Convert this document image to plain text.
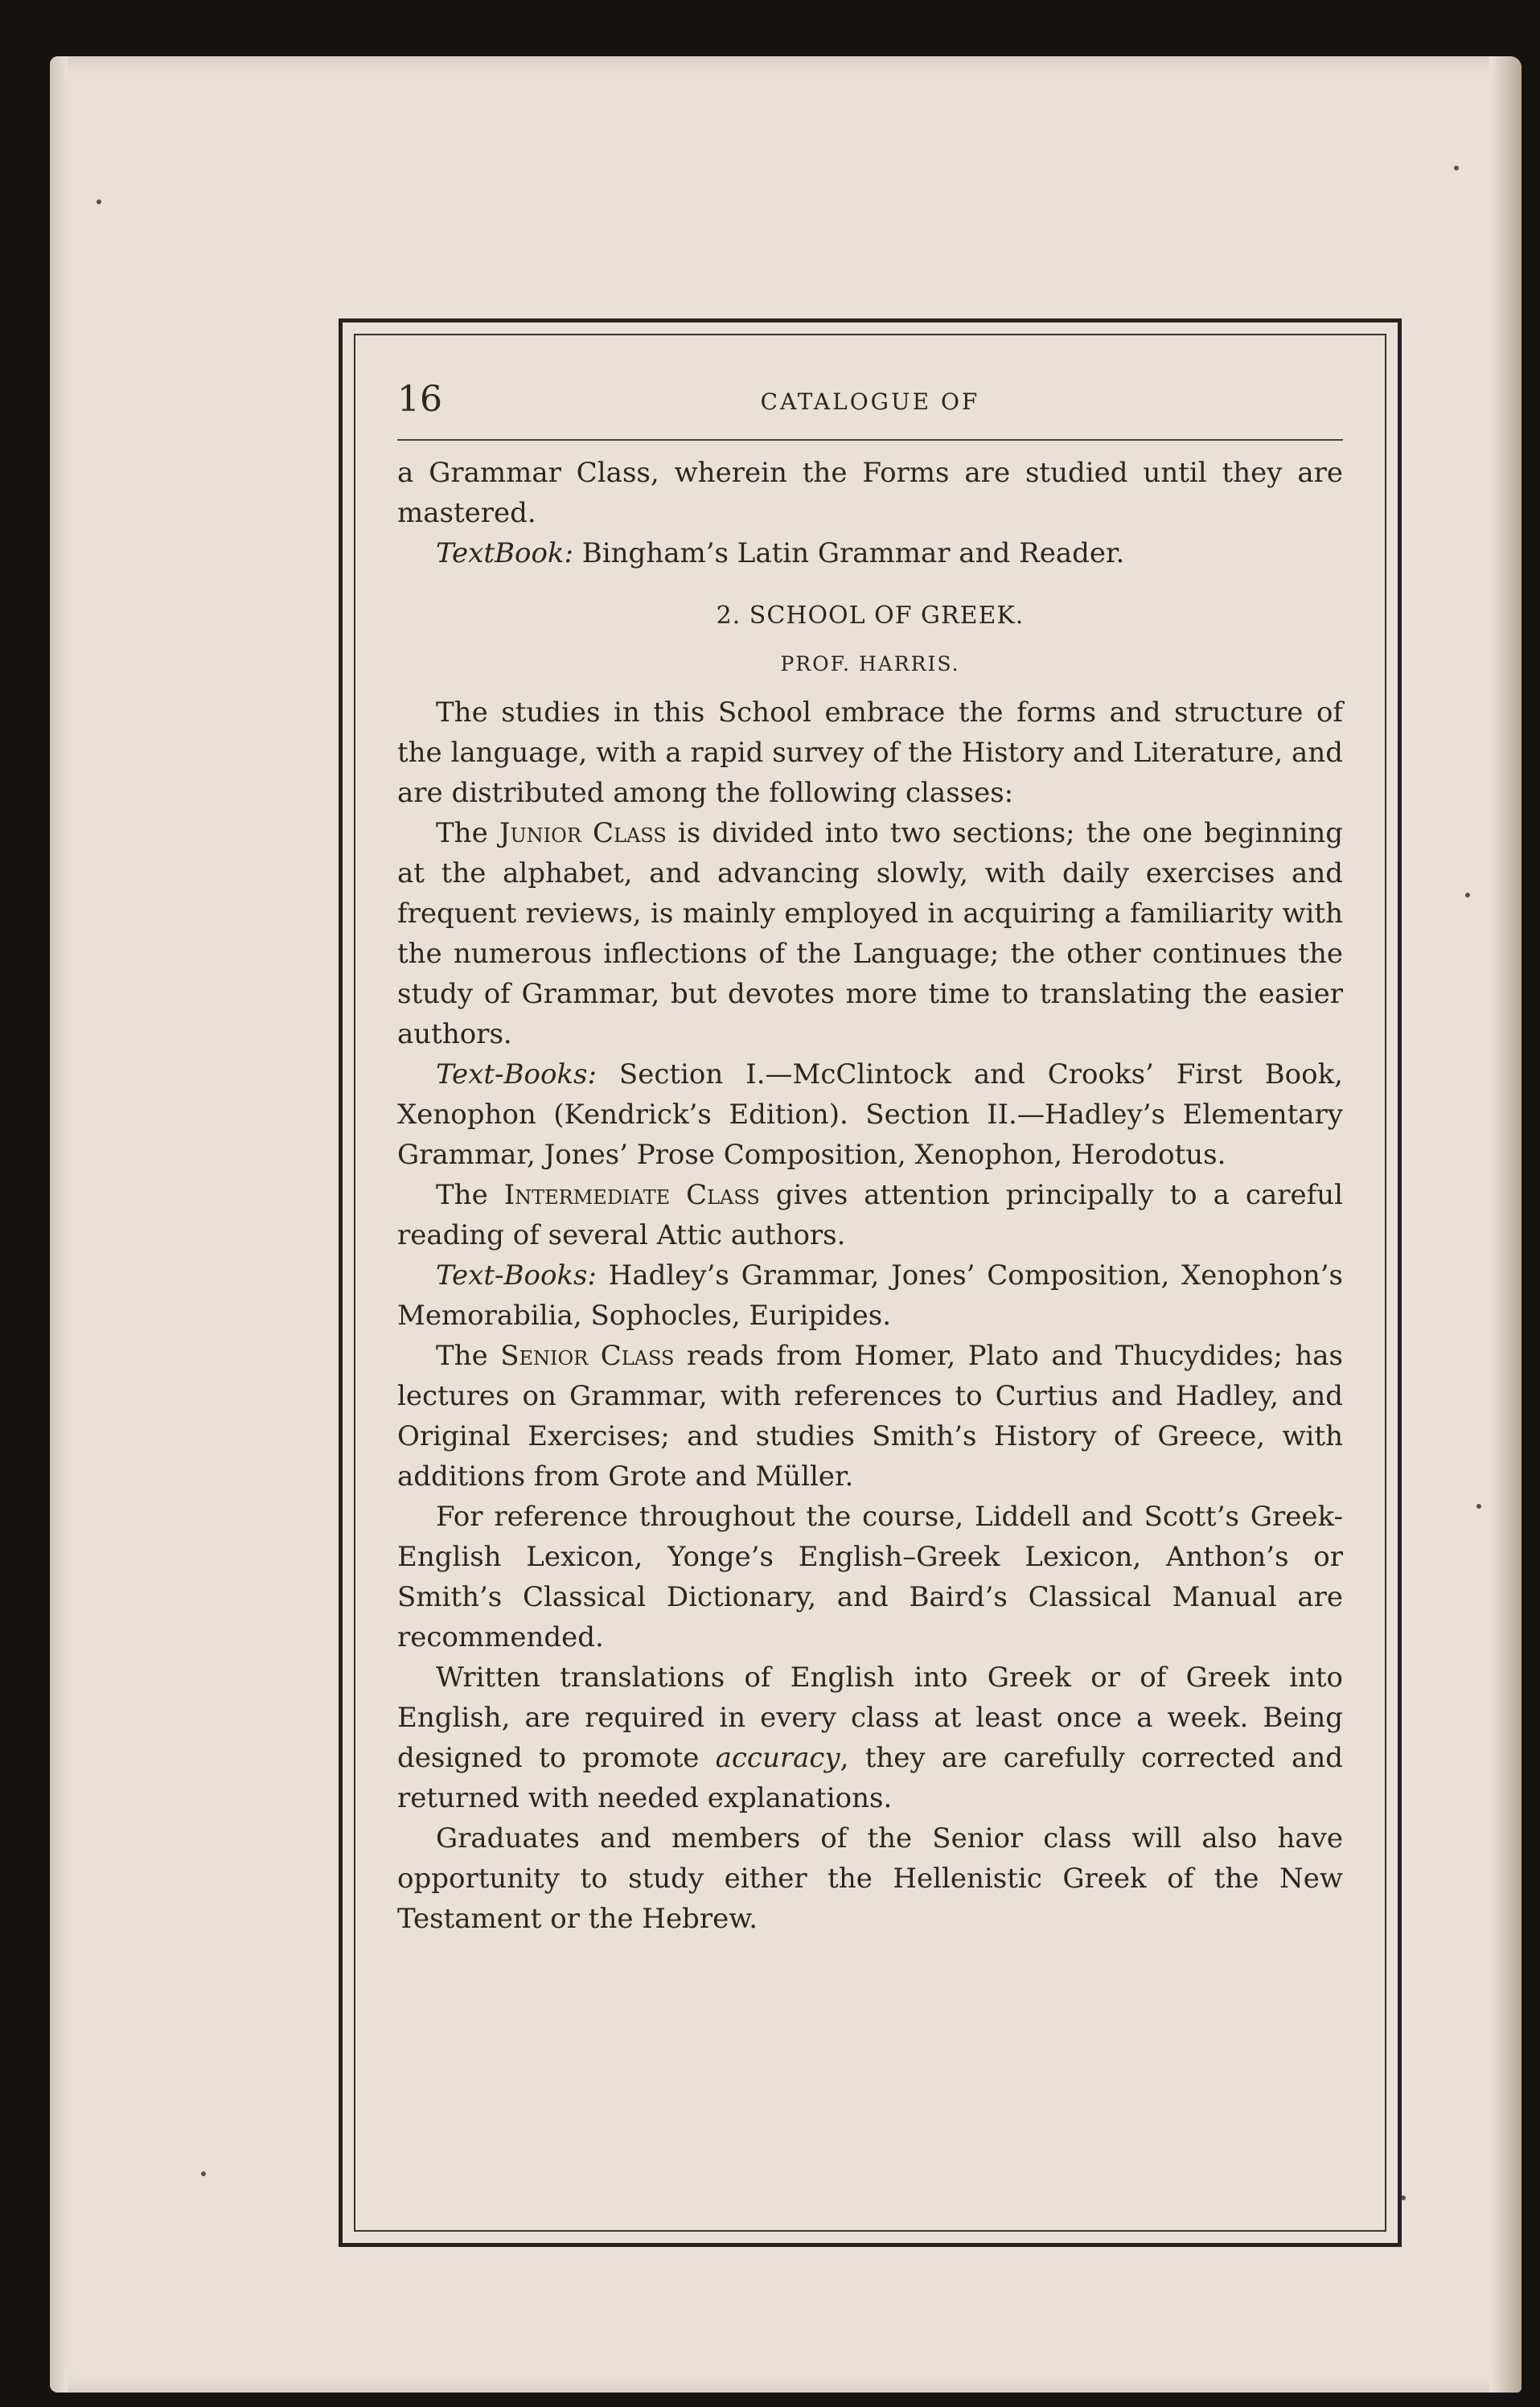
16	CATALOGUE OF

a Grammar Class, wherein the Forms are studied until they are mastered.

TextBook: Bingham’s Latin Grammar and Reader.

2. SCHOOL OF GREEK.
PROF. HARRIS.

The studies in this School embrace the forms and structure of the language, with a rapid survey of the History and Literature, and are distributed among the following classes:

The Junior Class is divided into two sections; the one beginning at the alphabet, and advancing slowly, with daily exercises and frequent reviews, is mainly employed in acquiring a familiarity with the numerous inflections of the Language; the other continues the study of Grammar, but devotes more time to translating the easier authors.

Text-Books: Section I.—McClintock and Crooks’ First Book, Xenophon (Kendrick’s Edition). Section II.—Hadley’s Elementary Grammar, Jones’ Prose Composition, Xenophon, Herodotus.

The Intermediate Class gives attention principally to a careful reading of several Attic authors.

Text-Books: Hadley’s Grammar, Jones’ Composition, Xenophon’s Memorabilia, Sophocles, Euripides.

The Senior Class reads from Homer, Plato and Thucydides; has lectures on Grammar, with references to Curtius and Hadley, and Original Exercises; and studies Smith’s History of Greece, with additions from Grote and Müller.

For reference throughout the course, Liddell and Scott’s Greek-English Lexicon, Yonge’s English–Greek Lexicon, Anthon’s or Smith’s Classical Dictionary, and Baird’s Classical Manual are recommended.

Written translations of English into Greek or of Greek into English, are required in every class at least once a week. Being designed to promote accuracy, they are carefully corrected and returned with needed explanations.

Graduates and members of the Senior class will also have opportunity to study either the Hellenistic Greek of the New Testament or the Hebrew.
